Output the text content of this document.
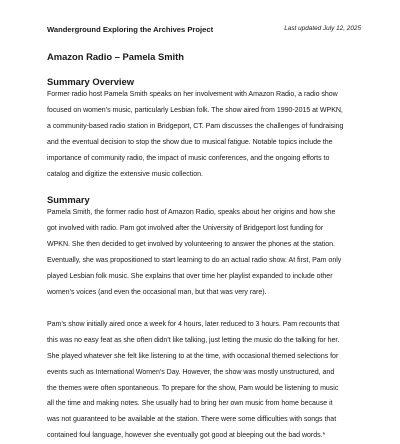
Wanderground Exploring the Archives Project	Last updated July 12, 2025
Amazon Radio – Pamela Smith
Summary Overview

Former radio host Pamela Smith speaks on her involvement with Amazon Radio, a radio show
focused on women’s music, particularly Lesbian folk. The show aired from 1990-2015 at WPKN,
a community-based radio station in Bridgeport, CT. Pam discusses the challenges of fundraising
and the eventual decision to stop the show due to musical fatigue. Notable topics include the
importance of community radio, the impact of music conferences, and the ongoing efforts to
catalog and digitize the extensive music collection.

Summary

Pamela Smith, the former radio host of Amazon Radio, speaks about her origins and how she
got involved with radio. Pam got involved after the University of Bridgeport lost funding for
WPKN. She then decided to get involved by volunteering to answer the phones at the station.
Eventually, she was propositioned to start learning to do an actual radio show. At first, Pam only
played Lesbian folk music. She explains that over time her playlist expanded to include other
women’s voices (and even the occasional man, but that was very rare).

Pam’s show initially aired once a week for 4 hours, later reduced to 3 hours. Pam recounts that
this was no easy feat as she often didn’t like talking, just letting the music do the talking for her.
She played whatever she felt like listening to at the time, with occasional themed selections for
events such as International Women’s Day. However, the show was mostly unstructured, and
the themes were often spontaneous. To prepare for the show, Pam would be listening to music
all the time and making notes. She usually had to bring her own music from home because it
was not guaranteed to be available at the station. There were some difficulties with songs that
contained foul language, however she eventually got good at bleeping out the bad words.*
